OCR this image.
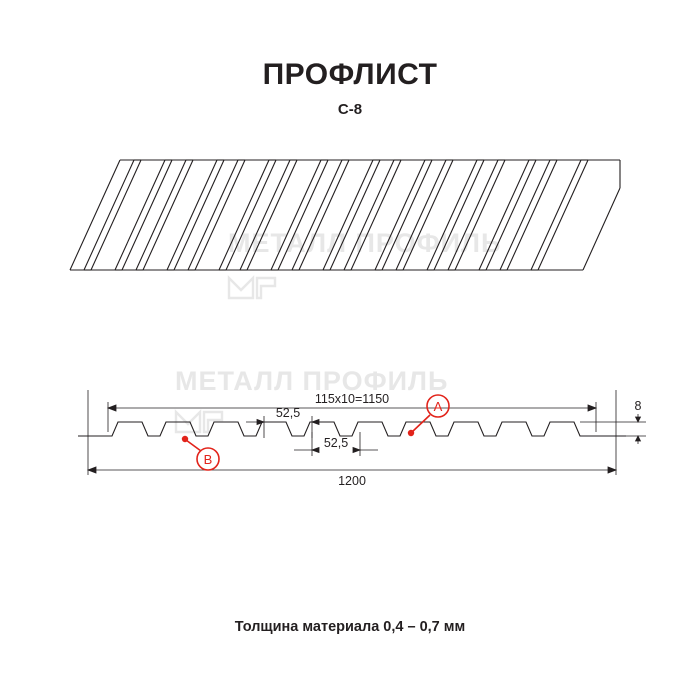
ПРОФЛИСТ
С-8
МЕТАЛЛ ПРОФИЛЬ
МЕТАЛЛ ПРОФИЛЬ
115х10=1150
1200
52,5
52,5
8
A
B
Толщина материала 0,4 – 0,7 мм
